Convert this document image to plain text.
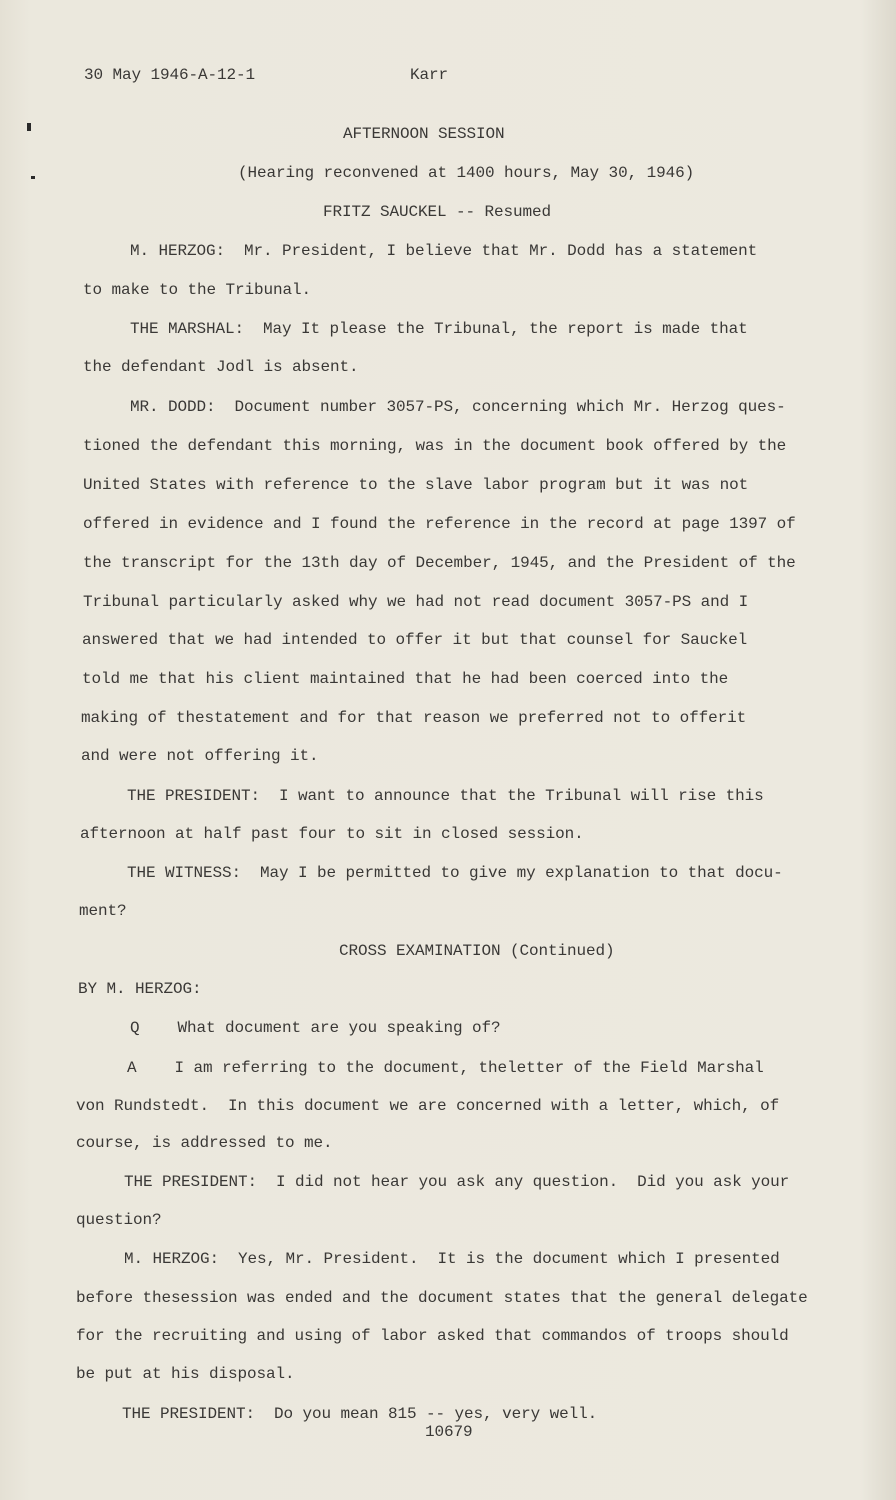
30 May 1946-A-12-1	Karr
AFTERNOON SESSION
(Hearing reconvened at 1400 hours, May 30, 1946)
FRITZ SAUCKEL -- Resumed
M. HERZOG:  Mr. President, I believe that Mr. Dodd has a statement
to make to the Tribunal.
THE MARSHAL:  May It please the Tribunal, the report is made that
the defendant Jodl is absent.
MR. DODD:  Document number 3057-PS, concerning which Mr. Herzog ques-
tioned the defendant this morning, was in the document book offered by the
United States with reference to the slave labor program but it was not
offered in evidence and I found the reference in the record at page 1397 of
the transcript for the 13th day of December, 1945, and the President of the
Tribunal particularly asked why we had not read document 3057-PS and I
answered that we had intended to offer it but that counsel for Sauckel
told me that his client maintained that he had been coerced into the
making of thestatement and for that reason we preferred not to offerit
and were not offering it.
THE PRESIDENT:  I want to announce that the Tribunal will rise this
afternoon at half past four to sit in closed session.
THE WITNESS:  May I be permitted to give my explanation to that docu-
ment?
CROSS EXAMINATION (Continued)
BY M. HERZOG:
Q    What document are you speaking of?
A    I am referring to the document, theletter of the Field Marshal
von Rundstedt.  In this document we are concerned with a letter, which, of
course, is addressed to me.
THE PRESIDENT:  I did not hear you ask any question.  Did you ask your
question?
M. HERZOG:  Yes, Mr. President.  It is the document which I presented
before thesession was ended and the document states that the general delegate
for the recruiting and using of labor asked that commandos of troops should
be put at his disposal.
THE PRESIDENT:  Do you mean 815 -- yes, very well.
10679
